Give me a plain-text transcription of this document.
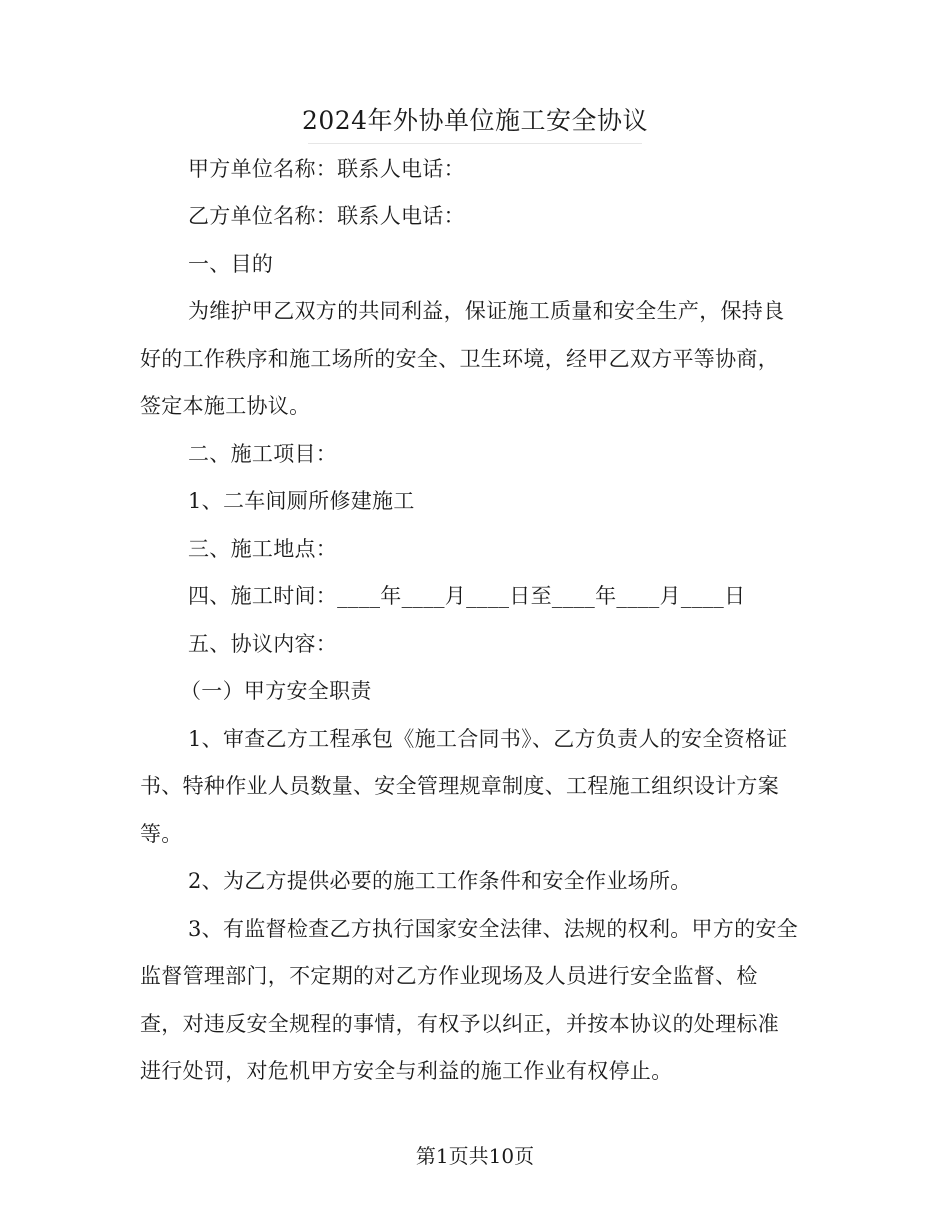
2024年外协单位施工安全协议
甲方单位名称：联系人电话：
乙方单位名称：联系人电话：
一、目的
为维护甲乙双方的共同利益，保证施工质量和安全生产，保持良
好的工作秩序和施工场所的安全、卫生环境，经甲乙双方平等协商，
签定本施工协议。
二、施工项目：
1、二车间厕所修建施工
三、施工地点：
四、施工时间：____年____月____日至____年____月____日
五、协议内容：
（一）甲方安全职责
1、审查乙方工程承包《施工合同书》、乙方负责人的安全资格证
书、特种作业人员数量、安全管理规章制度、工程施工组织设计方案
等。
2、为乙方提供必要的施工工作条件和安全作业场所。
3、有监督检查乙方执行国家安全法律、法规的权利。甲方的安全
监督管理部门，不定期的对乙方作业现场及人员进行安全监督、检
查，对违反安全规程的事情，有权予以纠正，并按本协议的处理标准
进行处罚，对危机甲方安全与利益的施工作业有权停止。
第1页共10页
